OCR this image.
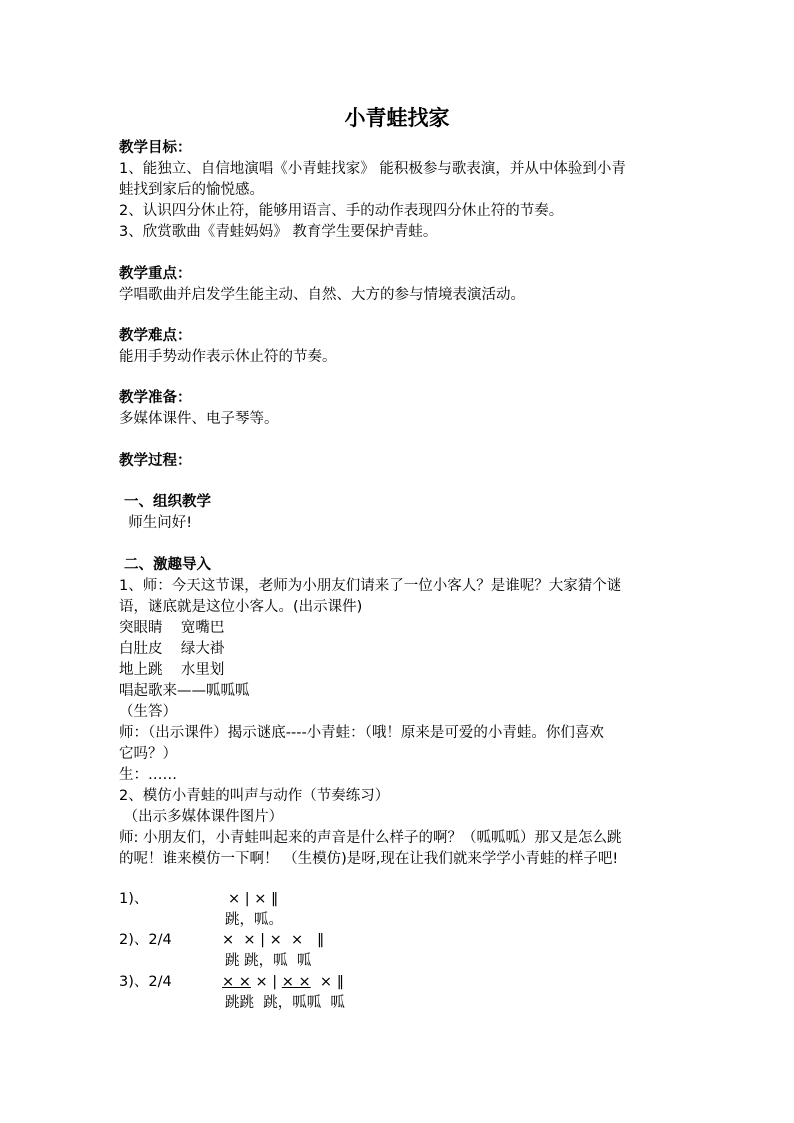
小青蛙找家
教学目标：
1、能独立、自信地演唱《小青蛙找家》 能积极参与歌表演，并从中体验到小青
蛙找到家后的愉悦感。
2、认识四分休止符，能够用语言、手的动作表现四分休止符的节奏。
3、欣赏歌曲《青蛙妈妈》 教育学生要保护青蛙。
教学重点：
学唱歌曲并启发学生能主动、自然、大方的参与情境表演活动。
教学难点：
能用手势动作表示休止符的节奏。
教学准备：
多媒体课件、电子琴等。
教学过程：
一、组织教学
师生问好!
二、激趣导入
1、师：今天这节课，老师为小朋友们请来了一位小客人？是谁呢？大家猜个谜
语，谜底就是这位小客人。(出示课件)
突眼睛    宽嘴巴
白肚皮    绿大褂
地上跳    水里划
唱起歌来——呱呱呱
（生答）
师：（出示课件）揭示谜底----小青蛙：（哦！原来是可爱的小青蛙。你们喜欢
它吗？）
生：……
2、模仿小青蛙的叫声与动作（节奏练习）
（出示多媒体课件图片）
师: 小朋友们，小青蛙叫起来的声音是什么样子的啊？（呱呱呱）那又是怎么跳
的呢！谁来模仿一下啊！ （生模仿)是呀,现在让我们就来学学小青蛙的样子吧!
1)、	× | × ‖
跳，呱。
2)、2/4	×  × | ×  ×   ‖
跳 跳，呱  呱
3)、2/4	× × × | × ×  × ‖
跳跳  跳，呱呱  呱
